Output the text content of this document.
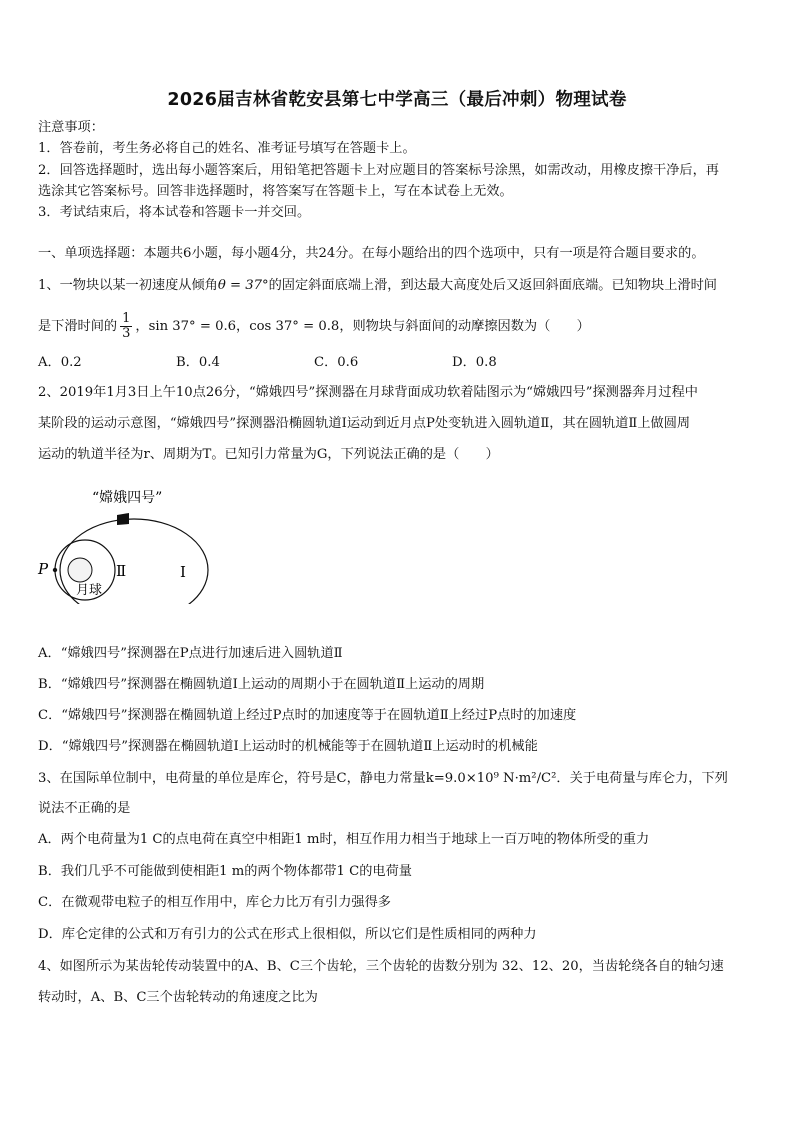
2026届吉林省乾安县第七中学高三（最后冲刺）物理试卷
注意事项：
1．答卷前，考生务必将自己的姓名、准考证号填写在答题卡上。
2．回答选择题时，选出每小题答案后，用铅笔把答题卡上对应题目的答案标号涂黑，如需改动，用橡皮擦干净后，再
选涂其它答案标号。回答非选择题时，将答案写在答题卡上，写在本试卷上无效。
3．考试结束后，将本试卷和答题卡一并交回。
一、单项选择题：本题共6小题，每小题4分，共24分。在每小题给出的四个选项中，只有一项是符合题目要求的。
1、一物块以某一初速度从倾角θ = 37°的固定斜面底端上滑，到达最大高度处后又返回斜面底端。已知物块上滑时间
是下滑时间的 $\frac{1}{3}$ ，sin 37° = 0.6，cos 37° = 0.8，则物块与斜面间的动摩擦因数为（　　）
A．0.2	B．0.4	C．0.6	D．0.8
2、2019年1月3日上午10点26分，“嫦娥四号”探测器在月球背面成功软着陆图示为“嫦娥四号”探测器奔月过程中
某阶段的运动示意图，“嫦娥四号”探测器沿椭圆轨道Ⅰ运动到近月点P处变轨进入圆轨道Ⅱ，其在圆轨道Ⅱ上做圆周
运动的轨道半径为r、周期为T。已知引力常量为G，下列说法正确的是（　　）
“嫦娥四号”
P	Ⅱ	Ⅰ
月球
A．“嫦娥四号”探测器在P点进行加速后进入圆轨道Ⅱ
B．“嫦娥四号”探测器在椭圆轨道Ⅰ上运动的周期小于在圆轨道Ⅱ上运动的周期
C．“嫦娥四号”探测器在椭圆轨道上经过P点时的加速度等于在圆轨道Ⅱ上经过P点时的加速度
D．“嫦娥四号”探测器在椭圆轨道Ⅰ上运动时的机械能等于在圆轨道Ⅱ上运动时的机械能
3、在国际单位制中，电荷量的单位是库仑，符号是C，静电力常量k=9.0×10⁹ N·m²/C²．关于电荷量与库仑力，下列
说法不正确的是
A．两个电荷量为1 C的点电荷在真空中相距1 m时，相互作用力相当于地球上一百万吨的物体所受的重力
B．我们几乎不可能做到使相距1 m的两个物体都带1 C的电荷量
C．在微观带电粒子的相互作用中，库仑力比万有引力强得多
D．库仑定律的公式和万有引力的公式在形式上很相似，所以它们是性质相同的两种力
4、如图所示为某齿轮传动装置中的A、B、C三个齿轮，三个齿轮的齿数分别为 32、12、20，当齿轮绕各自的轴匀速
转动时，A、B、C三个齿轮转动的角速度之比为
